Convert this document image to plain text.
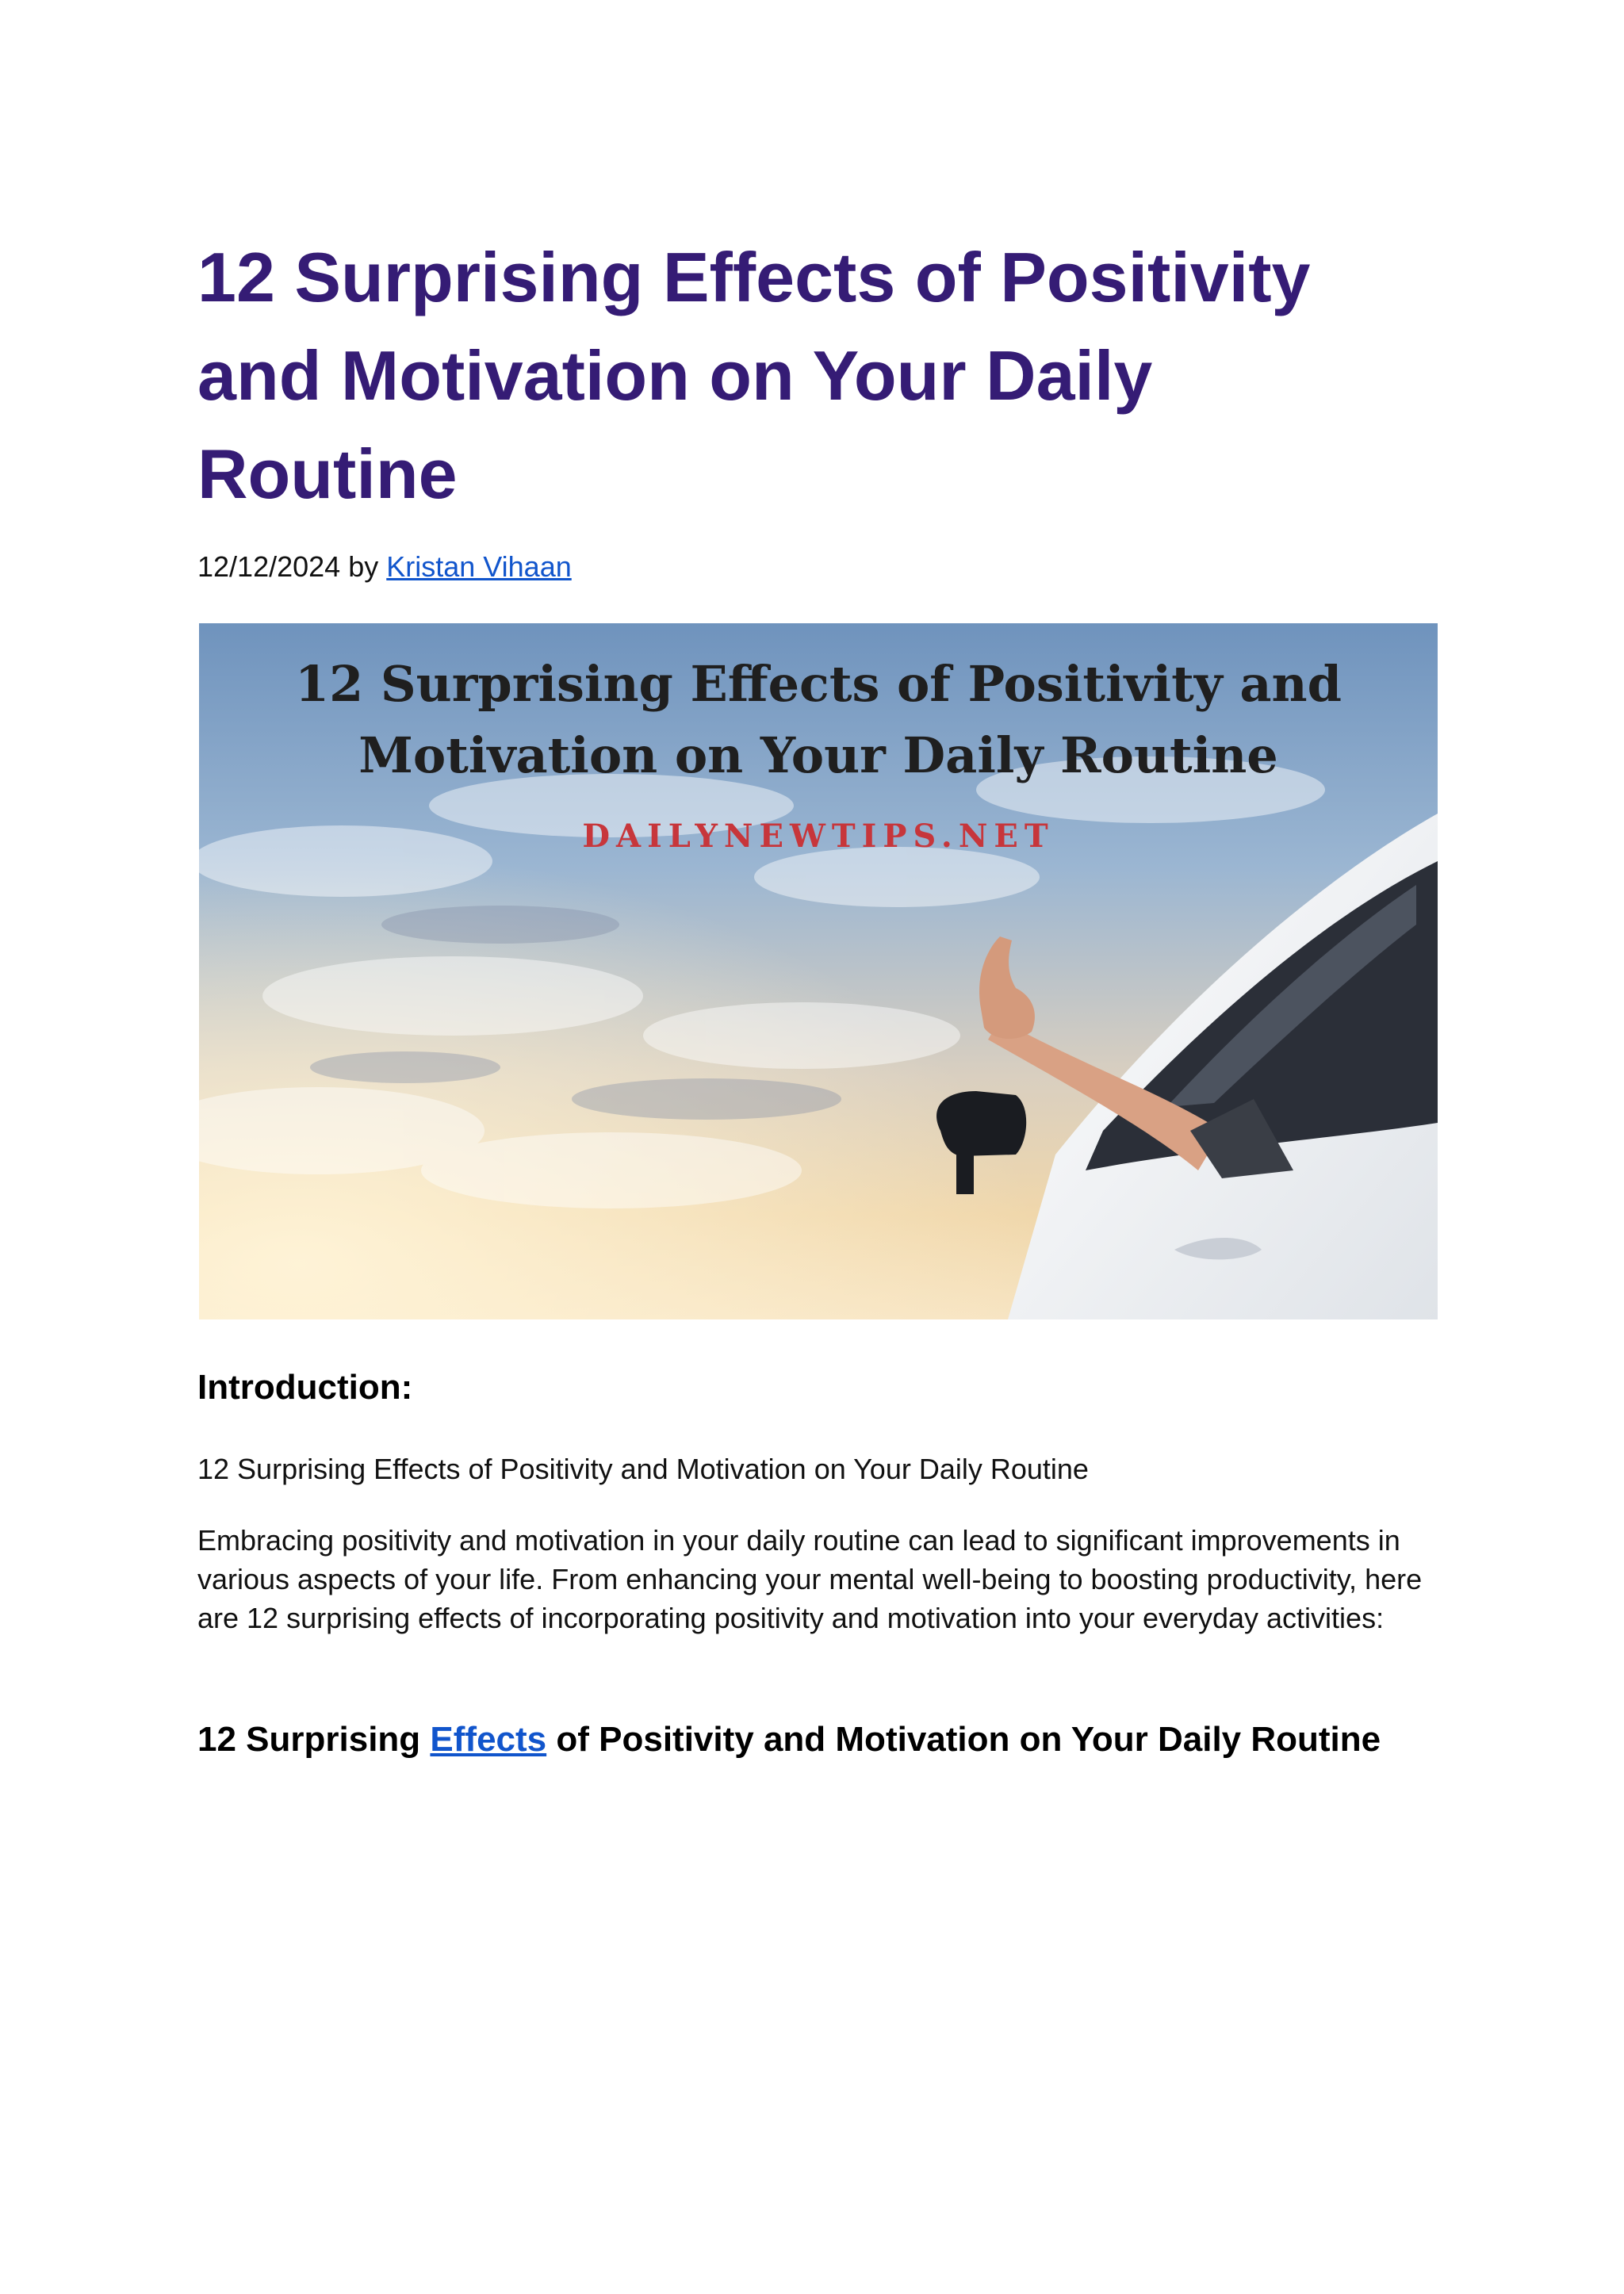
12 Surprising Effects of Positivity and Motivation on Your Daily Routine

12/12/2024 by Kristan Vihaan

12 Surprising Effects of Positivity and
Motivation on Your Daily Routine
DAILYNEWTIPS.NET
Introduction:

12 Surprising Effects of Positivity and Motivation on Your Daily Routine

Embracing positivity and motivation in your daily routine can lead to significant improvements in various aspects of your life. From enhancing your mental well-being to boosting productivity, here are 12 surprising effects of incorporating positivity and motivation into your everyday activities:

12 Surprising Effects of Positivity and Motivation on Your Daily Routine
